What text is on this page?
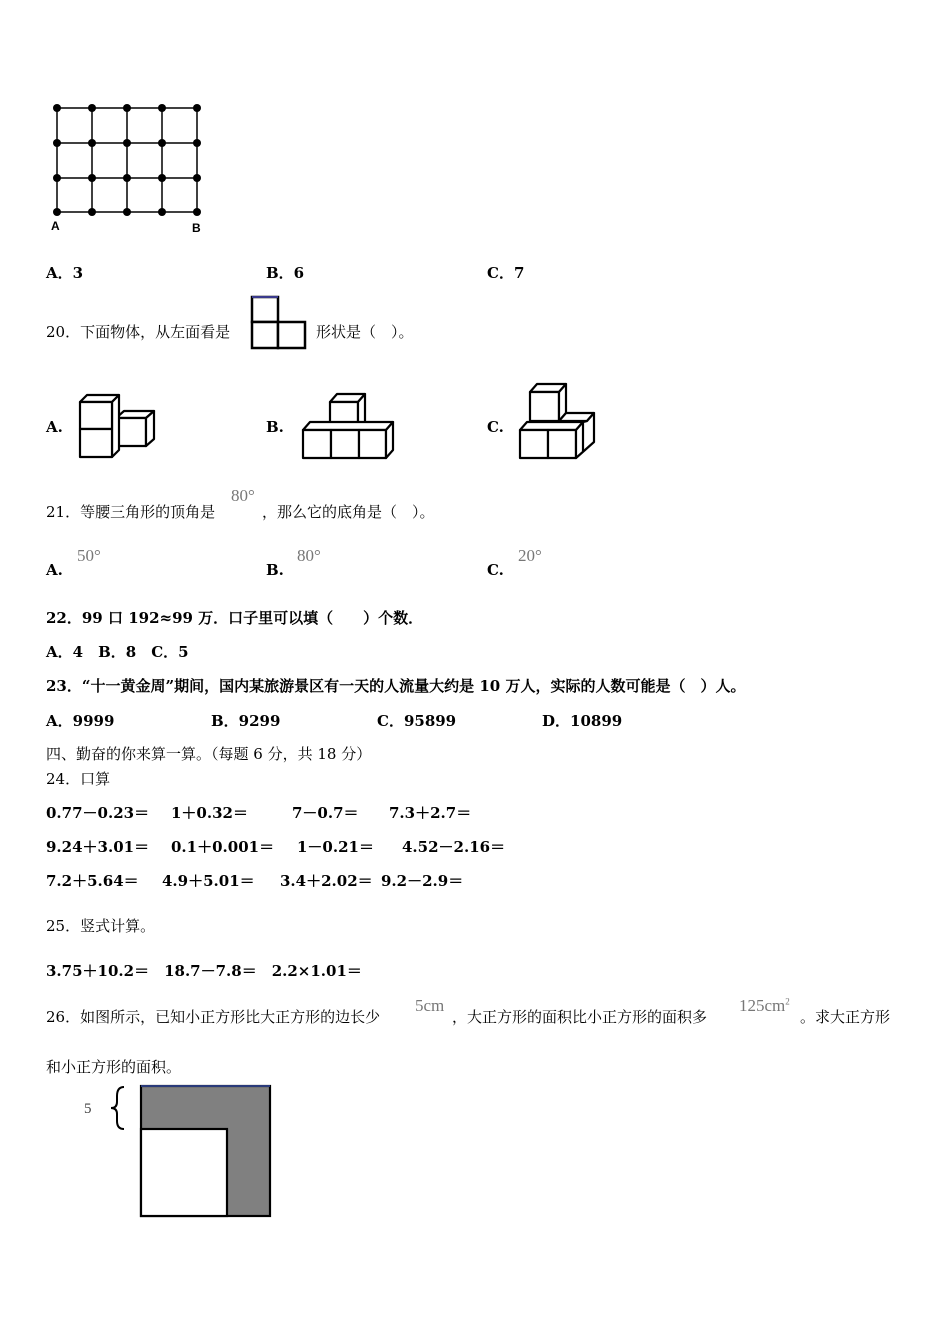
A	B
A．3	B．6	C．7
20．下面物体，从左面看是	形状是（　）。
A.	B.	C.
21．等腰三角形的顶角是
80°
，那么它的底角是（　）。
A.
50°
B.
80°
C.
20°
22．99 口 192≈99 万．口子里可以填（　　）个数．
A．4　B．8　C．5
23．“十一黄金周”期间，国内某旅游景区有一天的人流量大约是 10 万人，实际的人数可能是（　）人。
A．9999	B．9299	C．95899	D．10899
四、勤奋的你来算一算。（每题 6 分，共 18 分）
24．口算
0.77－0.23＝ 1＋0.32＝	7－0.7＝ 7.3＋2.7＝
9.24＋3.01＝ 0.1＋0.001＝ 1－0.21＝ 4.52－2.16＝
7.2＋5.64＝ 4.9＋5.01＝ 3.4＋2.02＝ 9.2－2.9＝
25．竖式计算。
3.75＋10.2＝　18.7－7.8＝　2.2×1.01＝
26．如图所示，已知小正方形比大正方形的边长少
5cm
，大正方形的面积比小正方形的面积多
$125cm^2$
。求大正方形
和小正方形的面积。
5
